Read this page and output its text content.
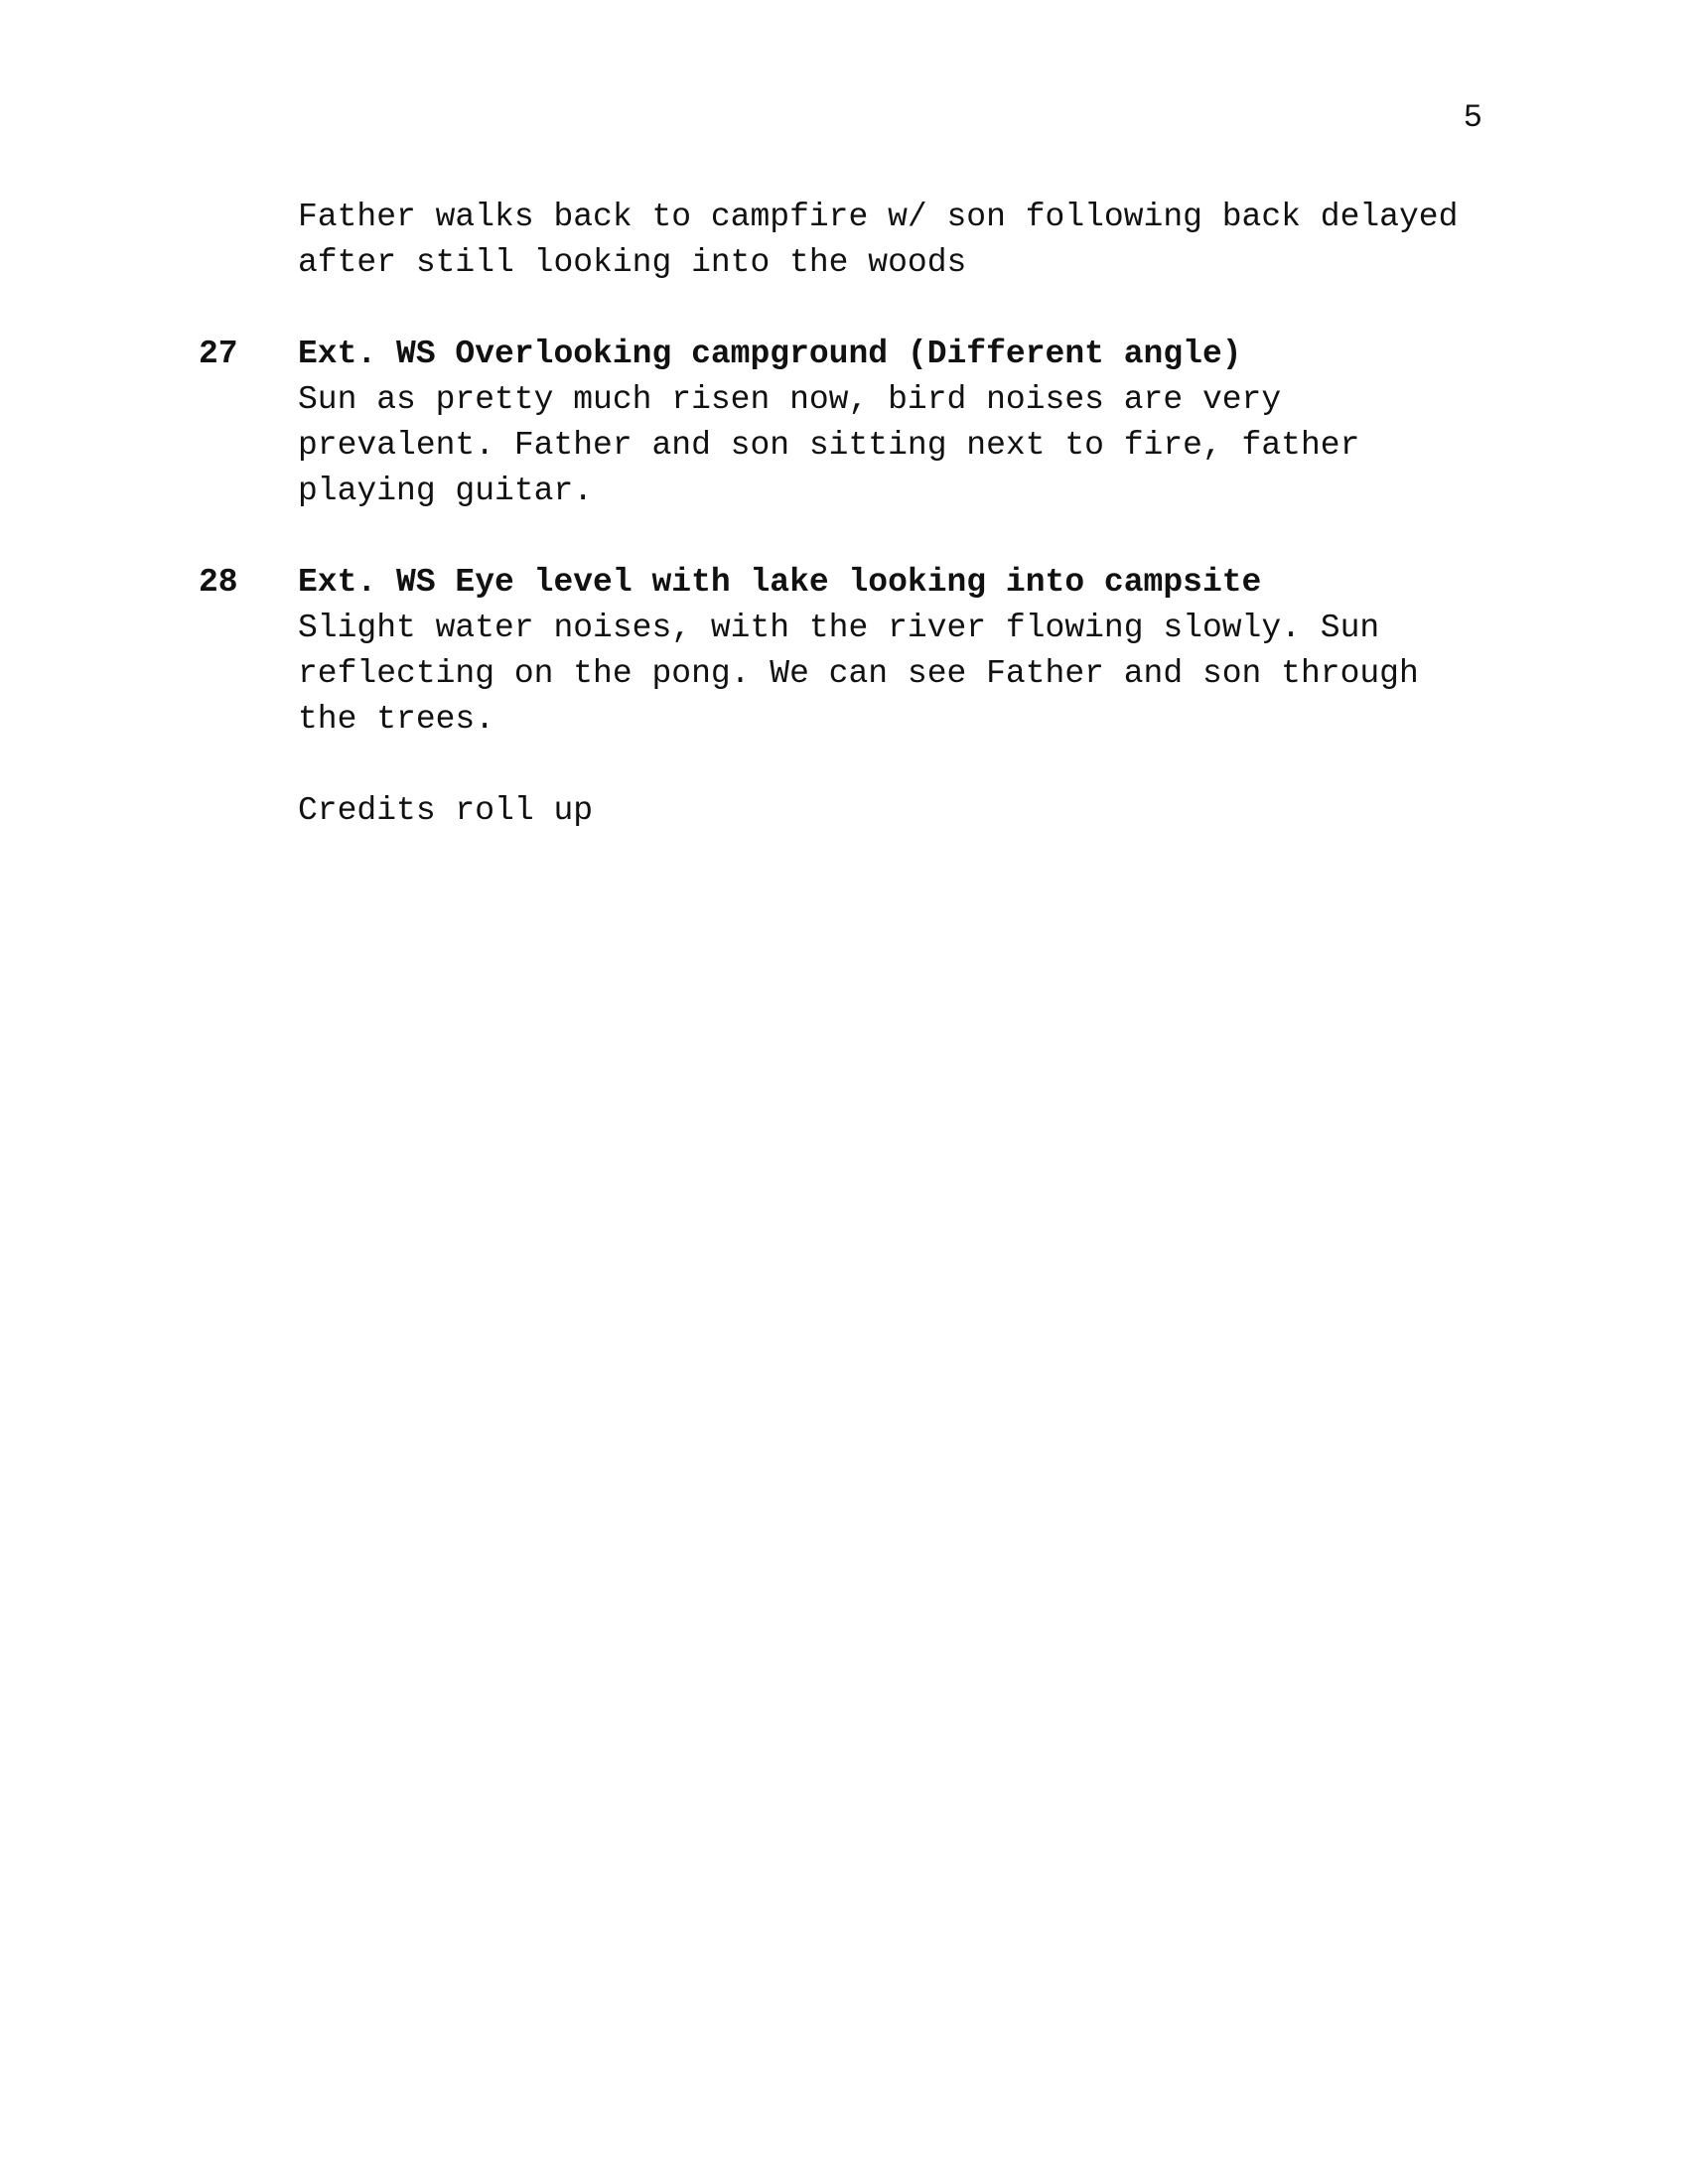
5
Father walks back to campfire w/ son following back delayed
after still looking into the woods
27 Ext. WS Overlooking campground (Different angle)
Sun as pretty much risen now, bird noises are very
prevalent. Father and son sitting next to fire, father
playing guitar.
28 Ext. WS Eye level with lake looking into campsite
Slight water noises, with the river flowing slowly. Sun
reflecting on the pong. We can see Father and son through
the trees.
Credits roll up
